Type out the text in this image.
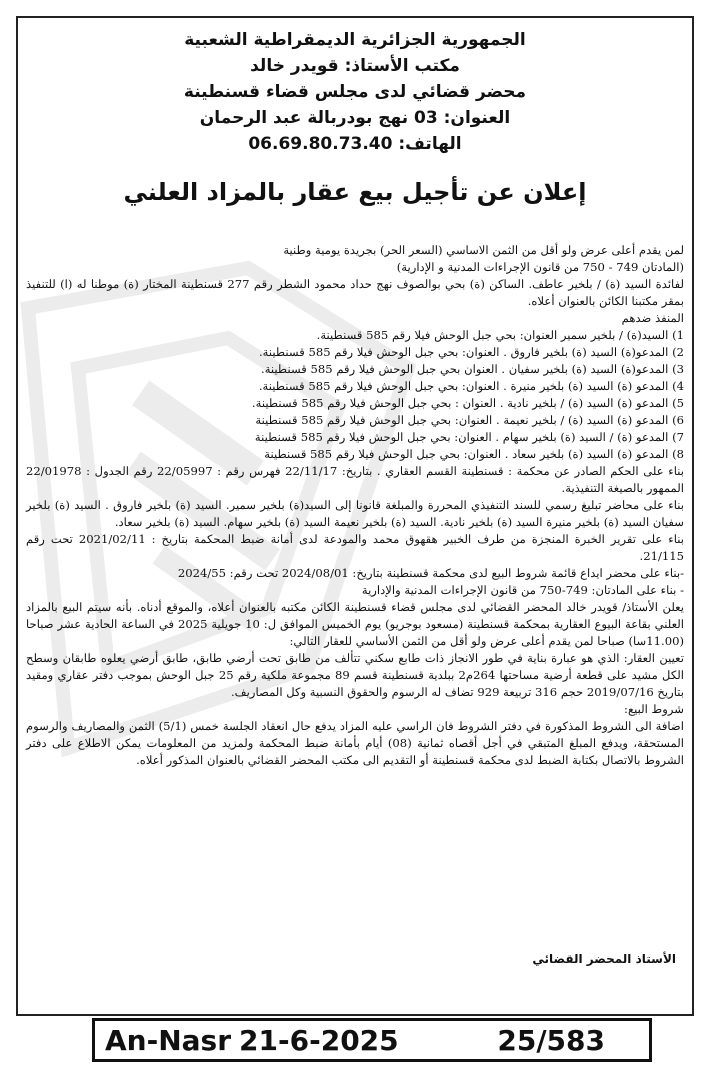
الجمهورية الجزائرية الديمقراطية الشعبية
مكتب الأستاذ: قويدر خالد
محضر قضائي لدى مجلس قضاء قسنطينة
العنوان: 03 نهج بودربالة عبد الرحمان
الهاتف: 06.69.80.73.40
إعلان عن تأجيل بيع عقار بالمزاد العلني

لمن يقدم أعلى عرض ولو أقل من الثمن الاساسي (السعر الحر) بجريدة يومية وطنية

(المادتان 749 - 750 من قانون الإجراءات المدنية و الإدارية)

لفائدة السيد (ة) / بلخير عاطف. الساكن (ة) بحي بوالصوف نهج حداد محمود الشطر رقم 277 قسنطينة المختار (ة) موطنا له (ا) للتنفيذ بمقر مكتبنا الكائن بالعنوان أعلاه.

المنفذ ضدهم

1) السيد(ة) / بلخير سمير العنوان: بحي جبل الوحش فيلا رقم 585 قسنطينة.

2) المدعو(ة) السيد (ة) بلخير فاروق . العنوان: بحي جبل الوحش فيلا رقم 585 قسنطينة.

3) المدعو(ة) السيد (ة) بلخير سفيان . العنوان بحي جبل الوحش فيلا رقم 585 قسنطينة.

4) المدعو (ة) السيد (ة) بلخير منيرة . العنوان: بحي جبل الوحش فيلا رقم 585 قسنطينة.

5) المدعو (ة) السيد (ة) / بلخير نادية . العنوان : بحي جبل الوحش فيلا رقم 585 قسنطينة.

6) المدعو (ة) السيد (ة) / بلخير نعيمة . العنوان: بحي جبل الوحش فيلا رقم 585 قسنطينة

7) المدعو (ة) / السيد (ة) بلخير سهام . العنوان: بحي جبل الوحش فيلا رقم 585 قسنطينة

8) المدعو (ة) السيد (ة) بلخير سعاد . العنوان: بحي جبل الوحش فيلا رقم 585 قسنطينة

بناء على الحكم الصادر عن محكمة : قسنطينة القسم العقاري . بتاريخ: 22/11/17 فهرس رقم : 22/05997 رقم الجدول : 22/01978 الممهور بالصيغة التنفيذية.

بناء على محاضر تبليغ رسمي للسند التنفيذي المحررة والمبلغة قانونا إلى السيد(ة) بلخير سمير. السيد (ة) بلخير فاروق . السيد (ة) بلخير سفيان السيد (ة) بلخير منيرة السيد (ة) بلخير نادية. السيد (ة) بلخير نعيمة السيد (ة) بلخير سهام. السيد (ة) بلخير سعاد.

بناء على تقرير الخبرة المنجزة من طرف الخبير هقهوق محمد والمودعة لدى أمانة ضبط المحكمة بتاريخ : 2021/02/11 تحت رقم 21/115.

-بناء على محضر ايداع قائمة شروط البيع لدى محكمة قسنطينة بتاريخ: 2024/08/01 تحت رقم: 2024/55

- بناء على المادتان: 749-750 من قانون الإجراءات المدنية والإدارية

يعلن الأستاذ/ قويدر خالد المحضر القضائي لدى مجلس قضاء قسنطينة الكائن مكتبه بالعنوان أعلاه، والموقع أدناه. بأنه سيتم البيع بالمزاد العلني بقاعة البيوع العقارية بمحكمة قسنطينة (مسعود بوجريو) يوم الخميس الموافق ل: 10 جويلية 2025 في الساعة الحادية عشر صباحا (11.00سا) صباحا لمن يقدم أعلى عرض ولو أقل من الثمن الأساسي للعقار التالي:

تعيين العقار: الذي هو عبارة بناية في طور الانجاز ذات طابع سكني تتألف من طابق تحت أرضي طابق، طابق أرضي يعلوه طابقان وسطح الكل مشيد على قطعة أرضية مساحتها 264م2 ببلدية قسنطينة قسم 89 مجموعة ملكية رقم 25 جبل الوحش بموجب دفتر عقاري ومقيد بتاريخ 2019/07/16 حجم 316 تربيعة 929 تضاف له الرسوم والحقوق النسبية وكل المصاريف.

شروط البيع:

اضافة الى الشروط المذكورة في دفتر الشروط فان الراسي عليه المزاد يدفع حال انعقاد الجلسة خمس (5/1) الثمن والمصاريف والرسوم المستحقة، ويدفع المبلغ المتبقي في أجل أقصاه ثمانية (08) أيام بأمانة ضبط المحكمة ولمزيد من المعلومات يمكن الاطلاع على دفتر الشروط بالاتصال بكتابة الضبط لدى محكمة قسنطينة أو التقديم الى مكتب المحضر القضائي بالعنوان المذكور أعلاه.

الأستاذ المحضر القضائي
An-Nasr 21-6-2025	25/583
